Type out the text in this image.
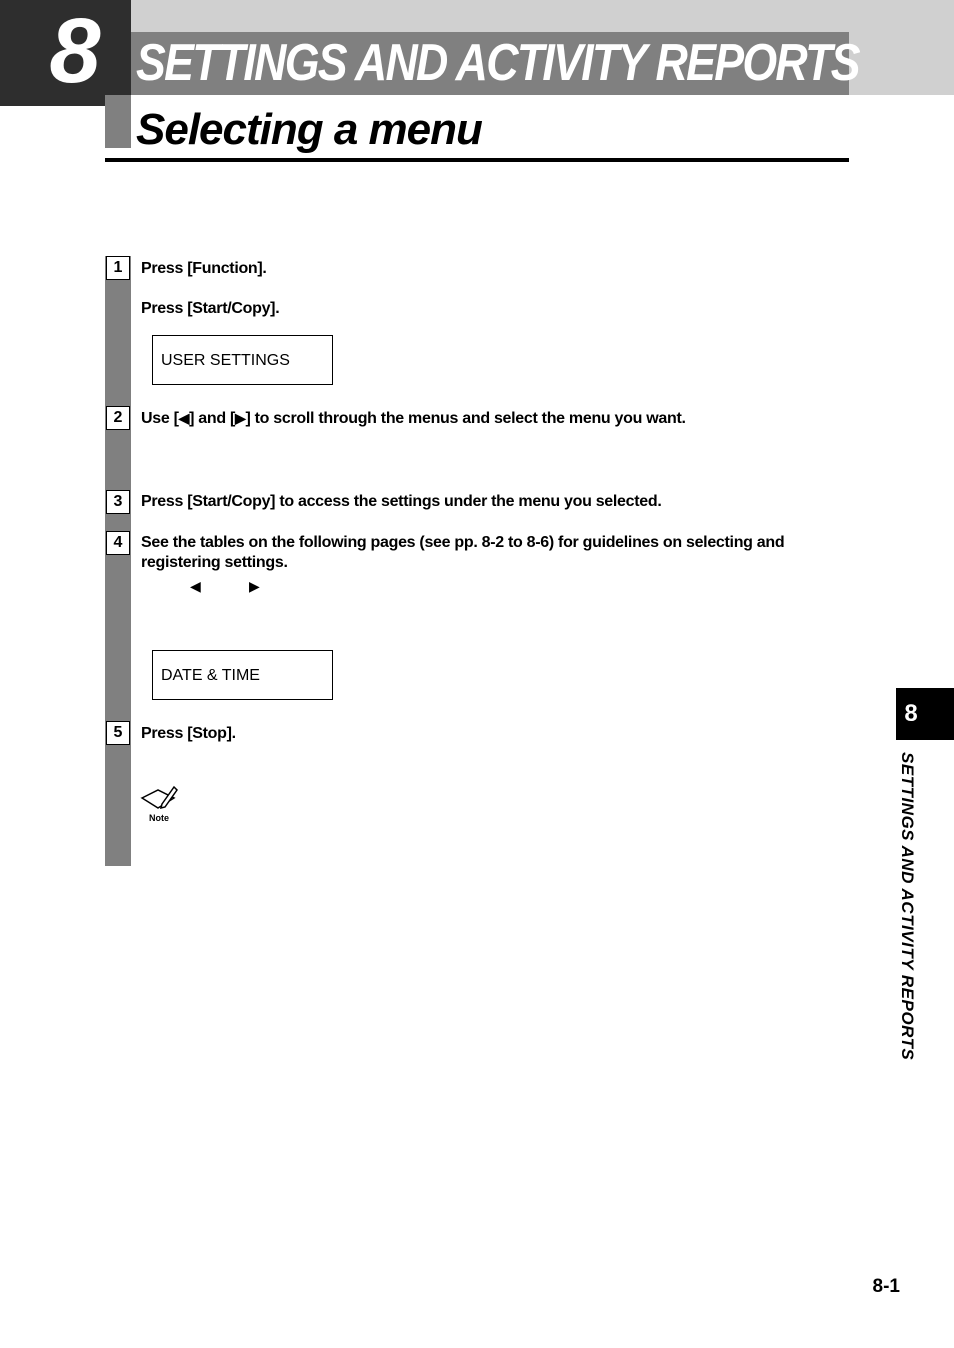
8 SETTINGS AND ACTIVITY REPORTS
Selecting a menu
1	Press [Function].
Press [Start/Copy].
USER SETTINGS
2	Use [◀] and [▶] to scroll through the menus and select the menu you want.
3	Press [Start/Copy] to access the settings under the menu you selected.
4	See the tables on the following pages (see pp. 8-2 to 8-6) for guidelines on selecting and registering settings.
◀	▶
DATE & TIME
5	Press [Stop].
Note
8
SETTINGS AND ACTIVITY REPORTS
8-1
